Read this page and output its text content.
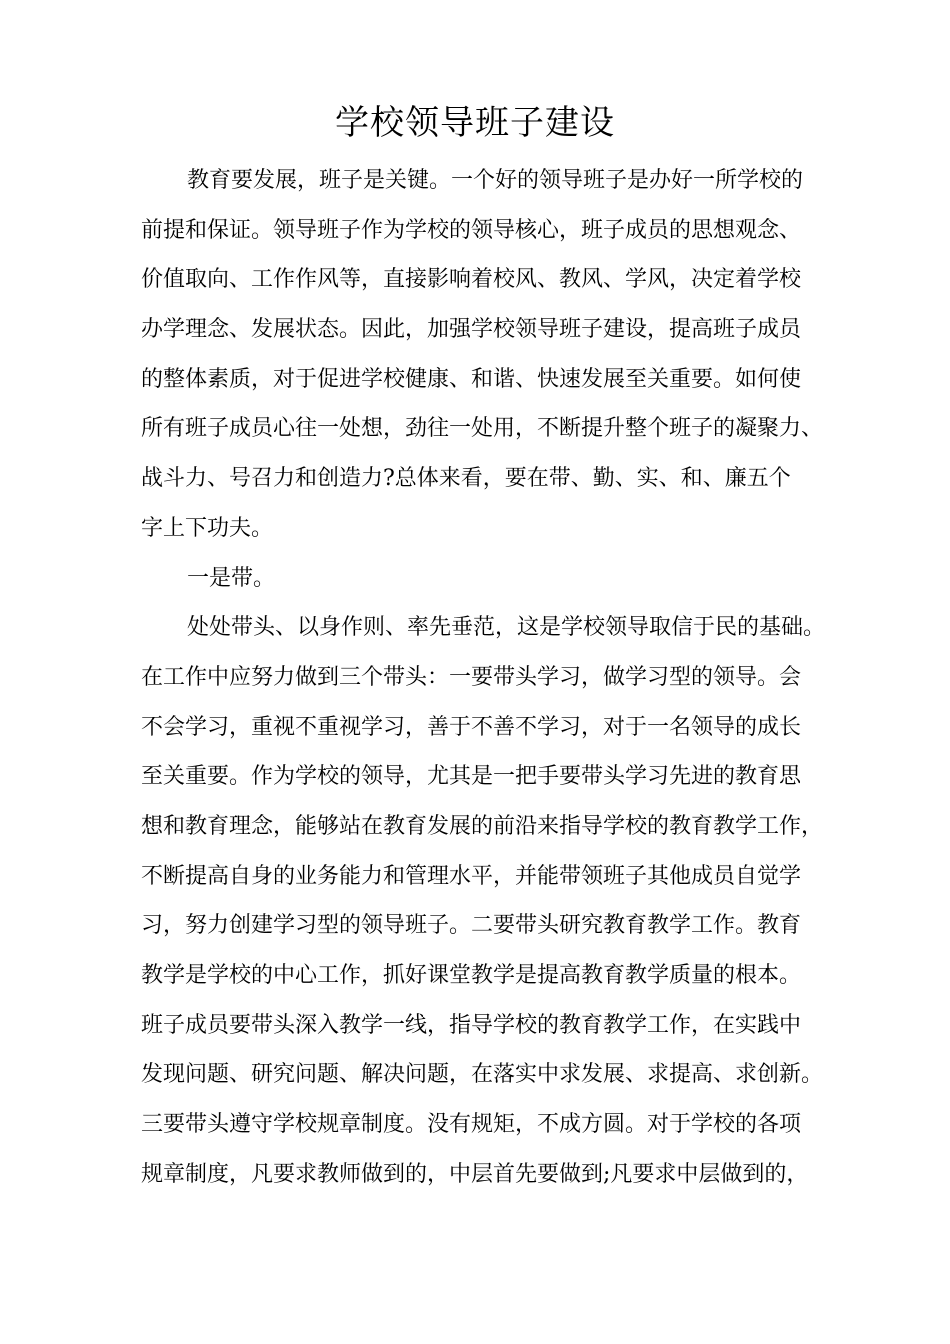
学校领导班子建设
教育要发展，班子是关键。一个好的领导班子是办好一所学校的
前提和保证。领导班子作为学校的领导核心，班子成员的思想观念、
价值取向、工作作风等，直接影响着校风、教风、学风，决定着学校
办学理念、发展状态。因此，加强学校领导班子建设，提高班子成员
的整体素质，对于促进学校健康、和谐、快速发展至关重要。如何使
所有班子成员心往一处想，劲往一处用，不断提升整个班子的凝聚力、
战斗力、号召力和创造力?总体来看，要在带、勤、实、和、廉五个
字上下功夫。
一是带。
处处带头、以身作则、率先垂范，这是学校领导取信于民的基础。
在工作中应努力做到三个带头：一要带头学习，做学习型的领导。会
不会学习，重视不重视学习，善于不善不学习，对于一名领导的成长
至关重要。作为学校的领导，尤其是一把手要带头学习先进的教育思
想和教育理念，能够站在教育发展的前沿来指导学校的教育教学工作，
不断提高自身的业务能力和管理水平，并能带领班子其他成员自觉学
习，努力创建学习型的领导班子。二要带头研究教育教学工作。教育
教学是学校的中心工作，抓好课堂教学是提高教育教学质量的根本。
班子成员要带头深入教学一线，指导学校的教育教学工作，在实践中
发现问题、研究问题、解决问题，在落实中求发展、求提高、求创新。
三要带头遵守学校规章制度。没有规矩，不成方圆。对于学校的各项
规章制度，凡要求教师做到的，中层首先要做到;凡要求中层做到的，
